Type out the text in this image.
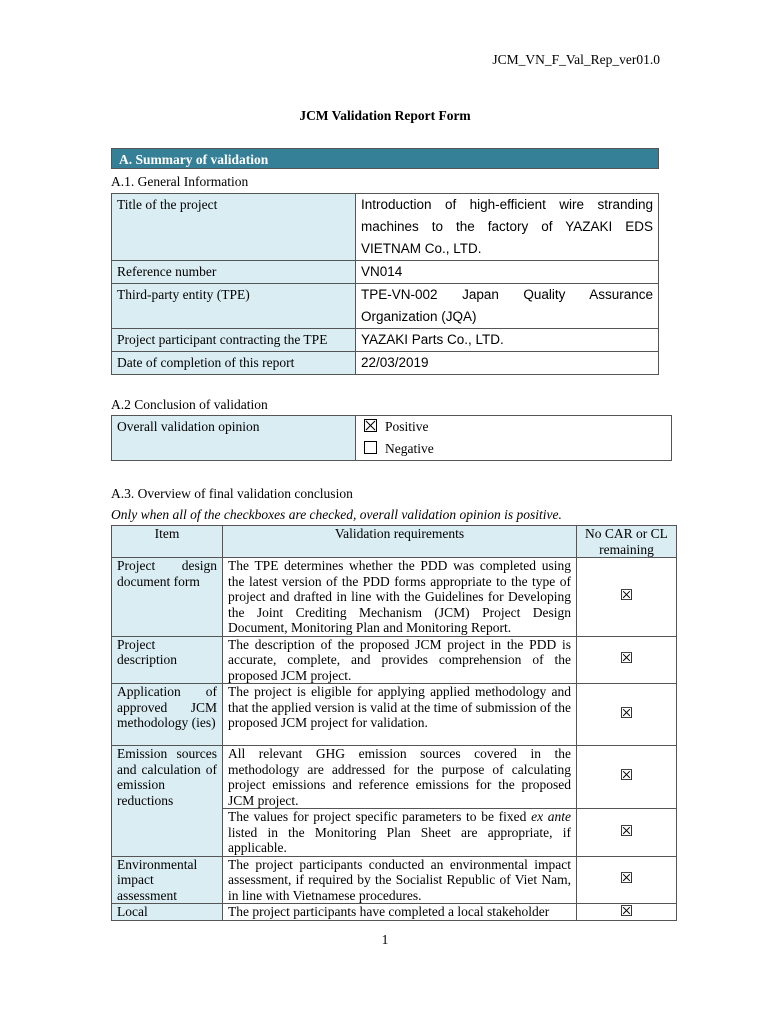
JCM_VN_F_Val_Rep_ver01.0
JCM Validation Report Form
A. Summary of validation
A.1. General Information
Title of the project	Introduction of high-efficient wire stranding machines to the factory of YAZAKI EDS VIETNAM Co., LTD.
Reference number	VN014
Third-party entity (TPE)	TPE-VN-002 Japan Quality Assurance Organization (JQA)
Project participant contracting the TPE	YAZAKI Parts Co., LTD.
Date of completion of this report	22/03/2019
A.2 Conclusion of validation
Overall validation opinion	Positive
Negative
A.3. Overview of final validation conclusion
Only when all of the checkboxes are checked, overall validation opinion is positive.
Item	Validation requirements	No CAR or CL remaining
Project design document form	The TPE determines whether the PDD was completed using the latest version of the PDD forms appropriate to the type of project and drafted in line with the Guidelines for Developing the Joint Crediting Mechanism (JCM) Project Design Document, Monitoring Plan and Monitoring Report.	☒
Project description	The description of the proposed JCM project in the PDD is accurate, complete, and provides comprehension of the proposed JCM project.	☒
Application of approved JCM methodology (ies)	The project is eligible for applying applied methodology and that the applied version is valid at the time of submission of the proposed JCM project for validation.	☒
Emission sources and calculation of emission reductions	All relevant GHG emission sources covered in the methodology are addressed for the purpose of calculating project emissions and reference emissions for the proposed JCM project.	☒
	The values for project specific parameters to be fixed ex ante listed in the Monitoring Plan Sheet are appropriate, if applicable.	☒
Environmental impact assessment	The project participants conducted an environmental impact assessment, if required by the Socialist Republic of Viet Nam, in line with Vietnamese procedures.	☒
Local	The project participants have completed a local stakeholder	☒
1
